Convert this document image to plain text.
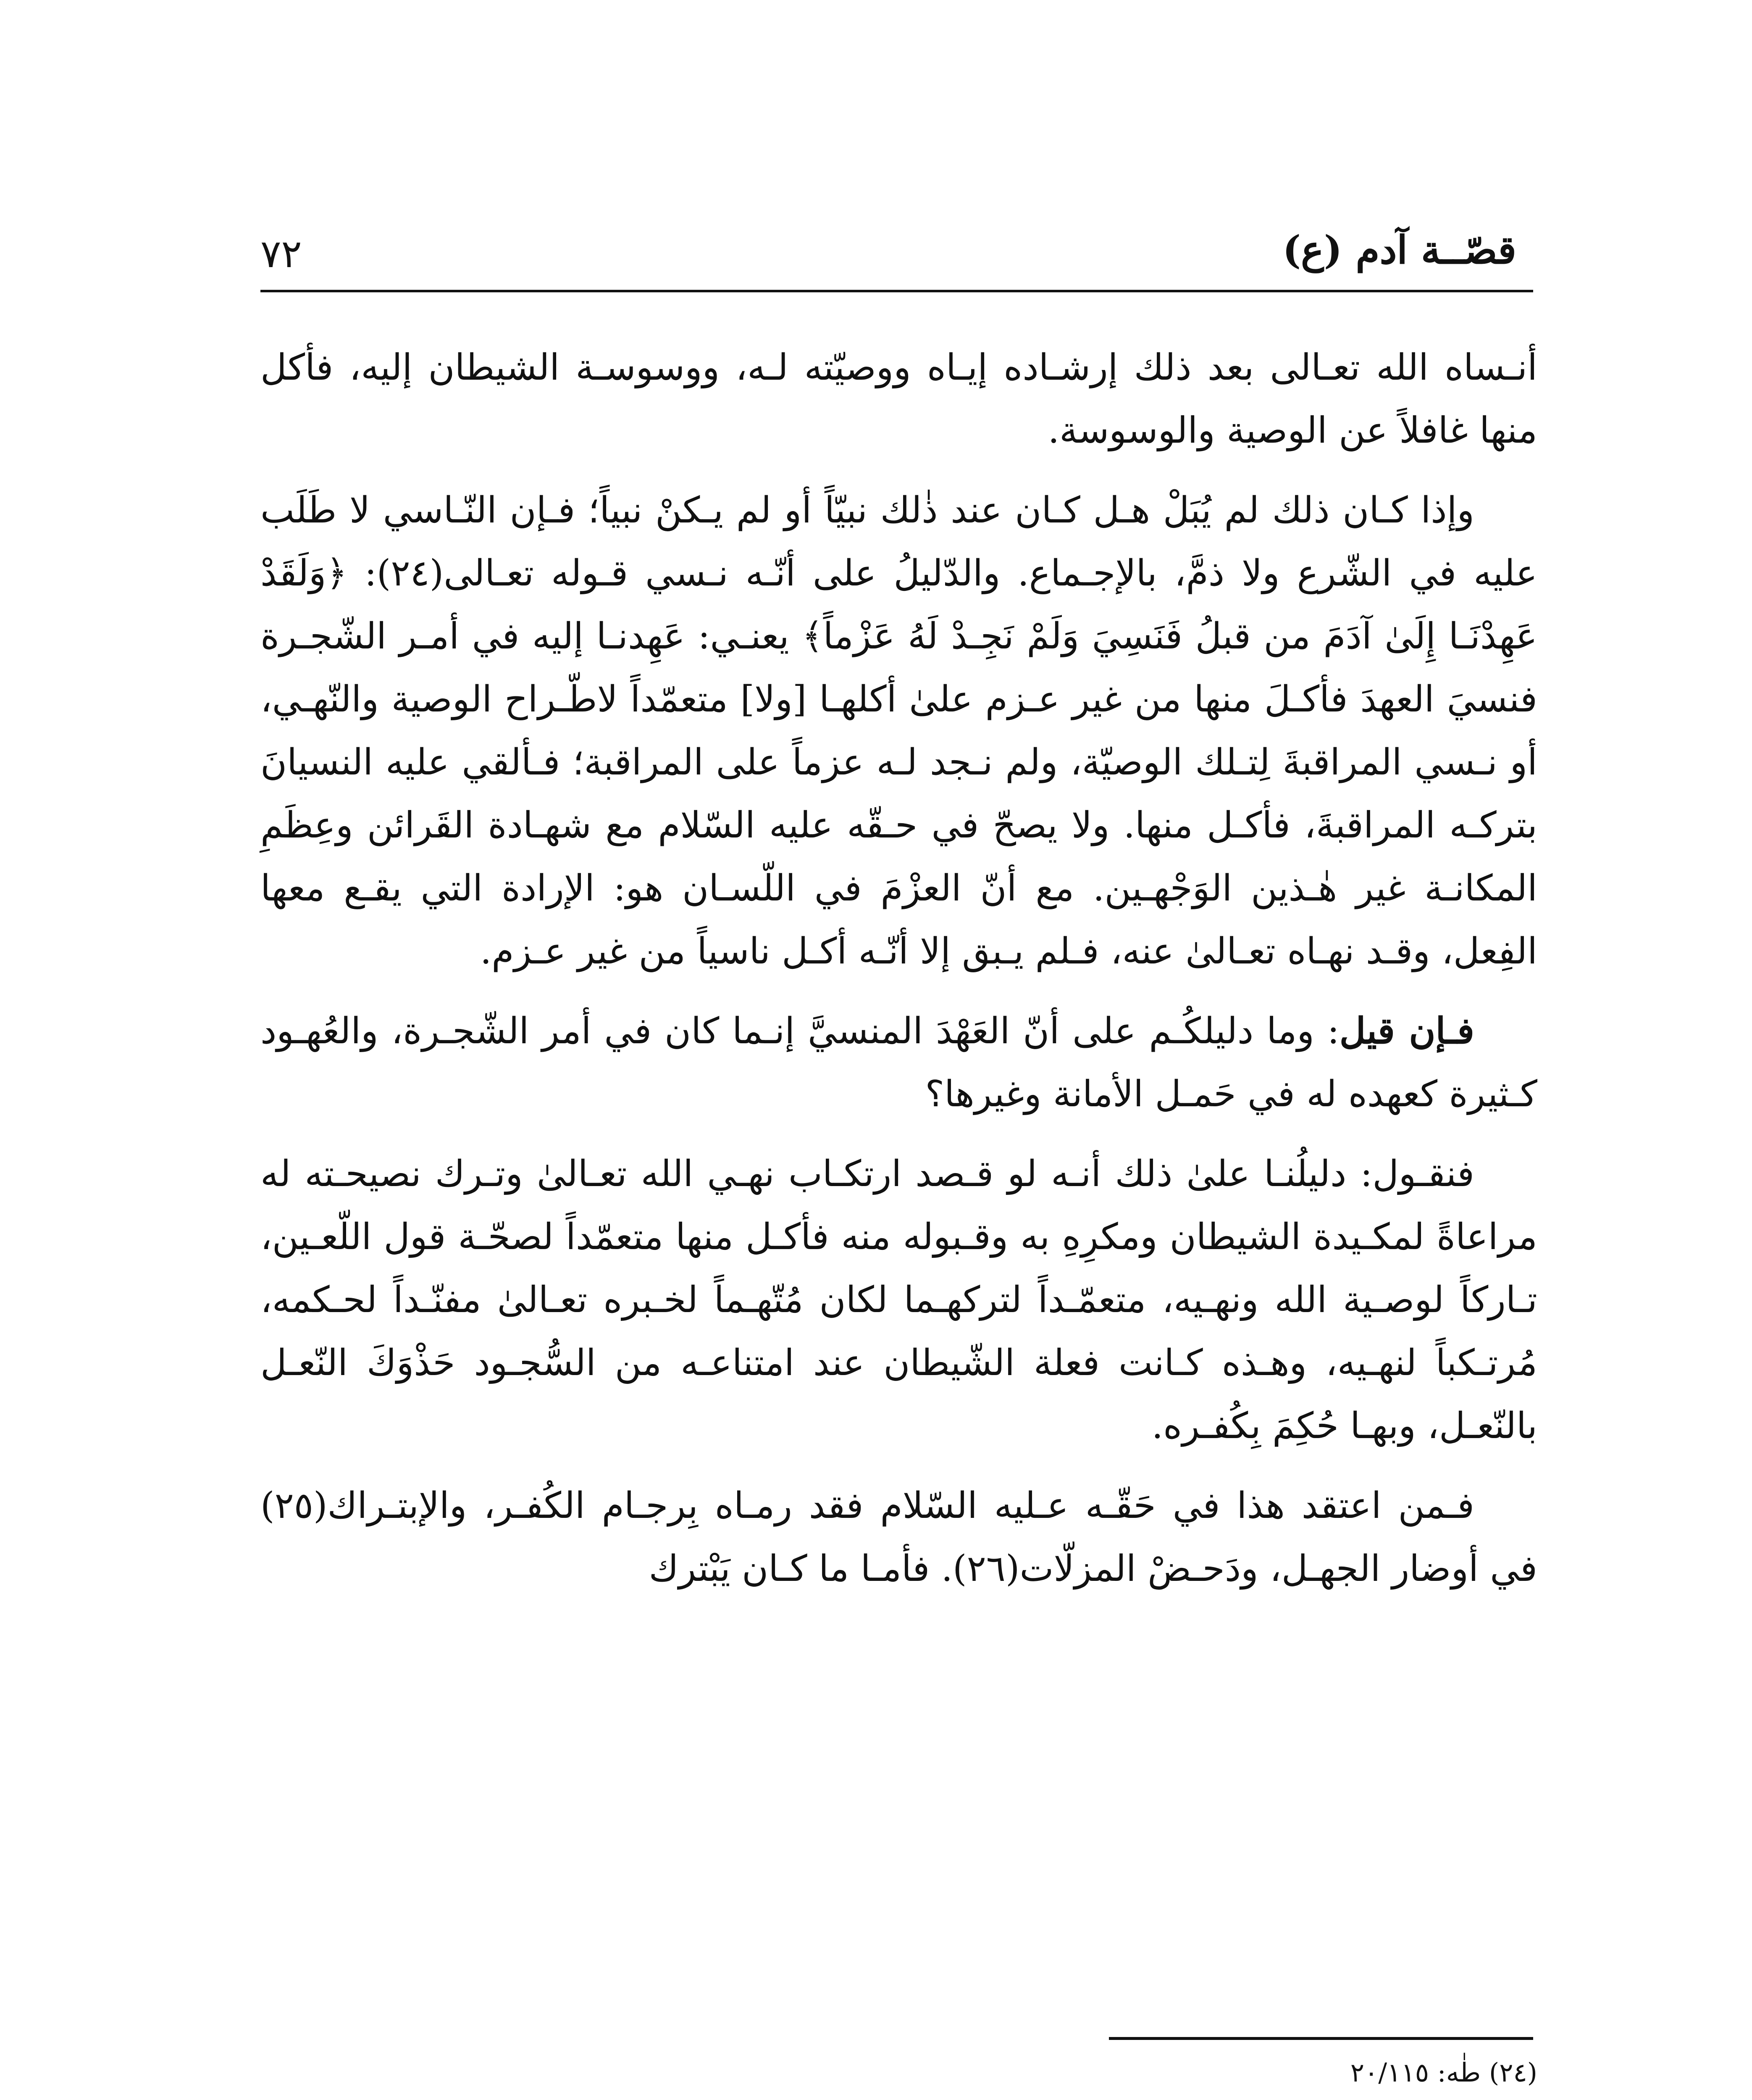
قصّــة آدم (ع)
٧٢

أنـساه الله تعـالى بعد ذلك إرشـاده إيـاه ووصيّته لـه، ووسوسـة الشيطان إليه، فأكل منها غافلاً عن الوصية والوسوسة.

وإذا كـان ذلك لم يُبَلْ هـل كـان عند ذٰلك نبيّاً أو لم يـكنْ نبياً؛ فـإن النّـاسي لا طَلَب عليه في الشّرع ولا ذمَّ، بالإجـماع. والدّليلُ على أنّـه نـسي قـوله تعـالى(٢٤): ﴿وَلَقَدْ عَهِدْنَـا إِلَىٰ آدَمَ من قبلُ فَنَسِيَ وَلَمْ نَجِـدْ لَهُ عَزْماً﴾ يعنـي: عَهِدنـا إليه في أمـر الشّجـرة فنسيَ العهدَ فأكـلَ منها من غير عـزم علىٰ أكلهـا [ولا] متعمّداً لاطّـراح الوصية والنّهـي، أو نـسي المراقبةَ لِتـلك الوصيّة، ولم نـجد لـه عزماً على المراقبة؛ فـألقي عليه النسيانَ بتركـه المراقبةَ، فأكـل منها. ولا يصحّ في حـقّه عليه السّلام مع شهـادة القَرائن وعِظَمِ المكانـة غير هٰـذين الوَجْهـين. مع أنّ العزْمَ في اللّسـان هو: الإرادة التي يقـع معها الفِعل، وقـد نهـاه تعـالىٰ عنه، فـلم يـبق إلا أنّـه أكـل ناسياً من غير عـزم.

فـإن قيل: وما دليلكُـم على أنّ العَهْدَ المنسيَّ إنـما كان في أمر الشّجـرة، والعُهـود كـثيرة كعهده له في حَمـل الأمانة وغيرها؟

فنقـول: دليلُنـا علىٰ ذلك أنـه لو قـصد ارتكـاب نهـي الله تعـالىٰ وتـرك نصيحـته له مراعاةً لمكـيدة الشيطان ومكرِهِ به وقـبوله منه فأكـل منها متعمّداً لصحّـة قول اللّعـين، تـاركاً لوصـية الله ونهـيه، متعمّـداً لتركهـما لكان مُتّهـماً لخـبره تعـالىٰ مفنّـداً لحـكمه، مُرتـكباً لنهـيه، وهـذه كـانت فعلة الشّيطان عند امتناعـه من السُّجـود حَذْوَكَ النّعـل بالنّعـل، وبهـا حُكِمَ بِكُفـره.

فـمن اعتقد هذا في حَقّـه عـليه السّلام فقد رمـاه بِرجـام الكُفـر، والإبتـراك(٢٥) في أوضار الجهـل، ودَحـضْ المزلّات(٢٦). فأمـا ما كـان يَبْترك

(٢٤) طٰه: ٢٠/١١٥
